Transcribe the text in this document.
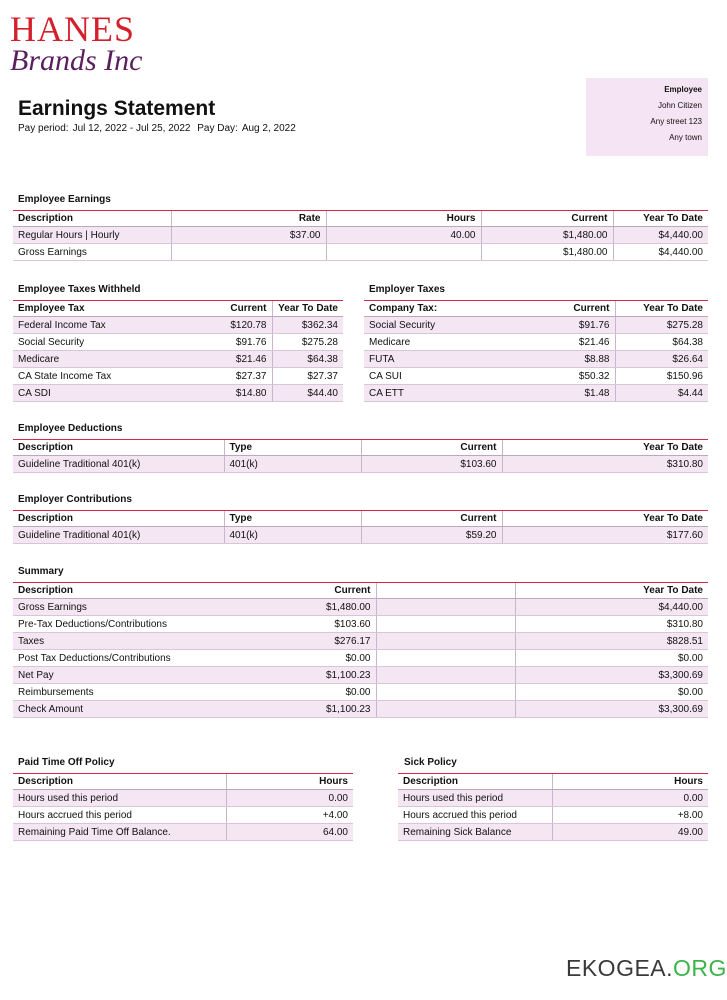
HANES
Brands Inc
Earnings Statement
Pay period: Jul 12, 2022 - Jul 25, 2022 Pay Day: Aug 2, 2022
Employee
John Citizen
Any street 123
Any town
Employee Earnings
Description	Rate	Hours	Current	Year To Date
Regular Hours | Hourly	$37.00	40.00	$1,480.00	$4,440.00
Gross Earnings			$1,480.00	$4,440.00
Employee Taxes Withheld
Employee Tax	Current	Year To Date
Federal Income Tax	$120.78	$362.34
Social Security	$91.76	$275.28
Medicare	$21.46	$64.38
CA State Income Tax	$27.37	$27.37
CA SDI	$14.80	$44.40
Employer Taxes
Company Tax:	Current	Year To Date
Social Security	$91.76	$275.28
Medicare	$21.46	$64.38
FUTA	$8.88	$26.64
CA SUI	$50.32	$150.96
CA ETT	$1.48	$4.44
Employee Deductions
Description	Type	Current	Year To Date
Guideline Traditional 401(k)	401(k)	$103.60	$310.80
Employer Contributions
Description	Type	Current	Year To Date
Guideline Traditional 401(k)	401(k)	$59.20	$177.60
Summary
Description	Current		Year To Date
Gross Earnings	$1,480.00		$4,440.00
Pre-Tax Deductions/Contributions	$103.60		$310.80
Taxes	$276.17		$828.51
Post Tax Deductions/Contributions	$0.00		$0.00
Net Pay	$1,100.23		$3,300.69
Reimbursements	$0.00		$0.00
Check Amount	$1,100.23		$3,300.69
Paid Time Off Policy
Description	Hours
Hours used this period	0.00
Hours accrued this period	+4.00
Remaining Paid Time Off Balance.	64.00
Sick Policy
Description	Hours
Hours used this period	0.00
Hours accrued this period	+8.00
Remaining Sick Balance	49.00
EKOGEA.ORG
